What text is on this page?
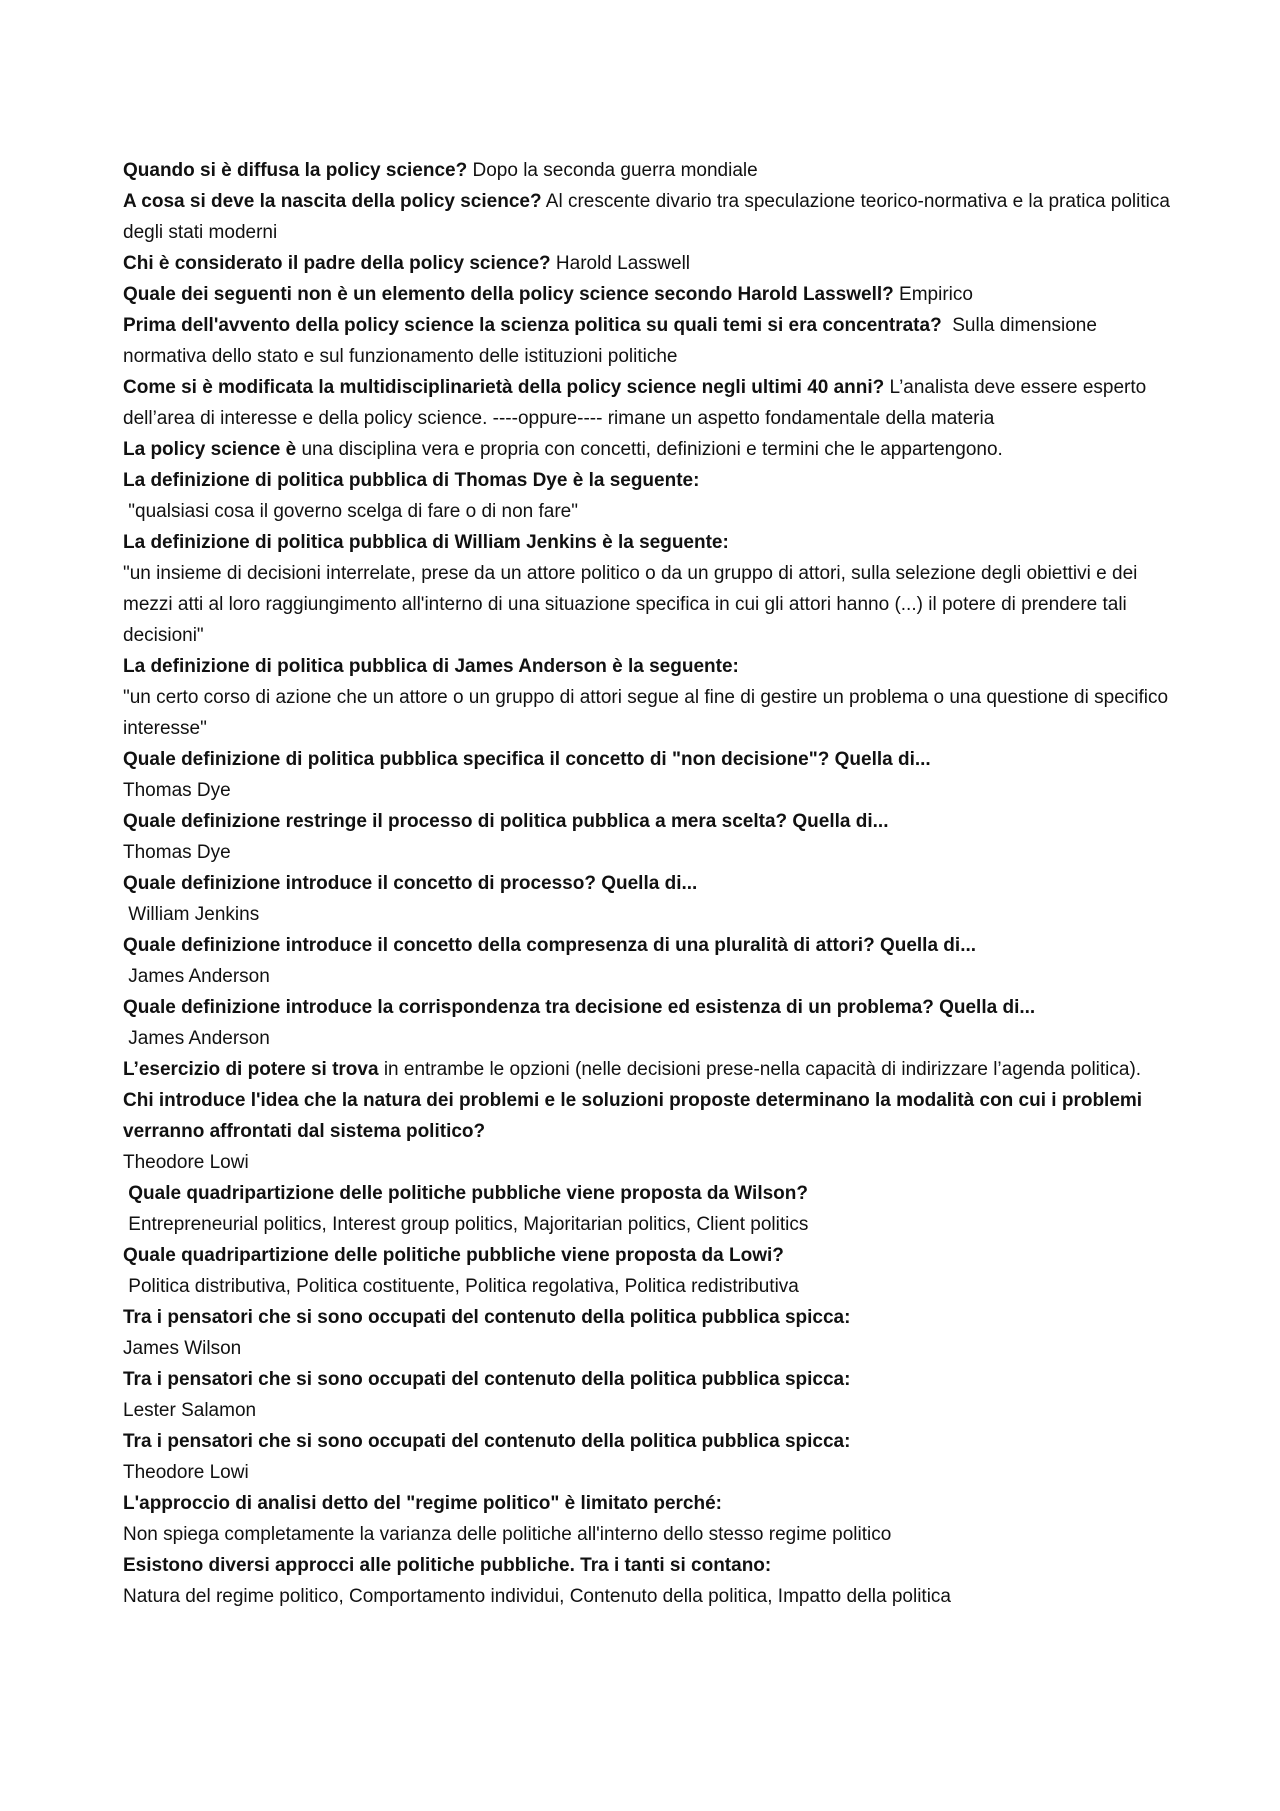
Quando si è diffusa la policy science? Dopo la seconda guerra mondiale

A cosa si deve la nascita della policy science? Al crescente divario tra speculazione teorico-normativa e la pratica politica degli stati moderni

Chi è considerato il padre della policy science? Harold Lasswell

Quale dei seguenti non è un elemento della policy science secondo Harold Lasswell? Empirico

Prima dell'avvento della policy science la scienza politica su quali temi si era concentrata?  Sulla dimensione normativa dello stato e sul funzionamento delle istituzioni politiche

Come si è modificata la multidisciplinarietà della policy science negli ultimi 40 anni? L’analista deve essere esperto dell’area di interesse e della policy science. ----oppure---- rimane un aspetto fondamentale della materia

La policy science è una disciplina vera e propria con concetti, definizioni e termini che le appartengono.

La definizione di politica pubblica di Thomas Dye è la seguente:

"qualsiasi cosa il governo scelga di fare o di non fare"

La definizione di politica pubblica di William Jenkins è la seguente:

"un insieme di decisioni interrelate, prese da un attore politico o da un gruppo di attori, sulla selezione degli obiettivi e dei mezzi atti al loro raggiungimento all'interno di una situazione specifica in cui gli attori hanno (...) il potere di prendere tali decisioni"

La definizione di politica pubblica di James Anderson è la seguente:

"un certo corso di azione che un attore o un gruppo di attori segue al fine di gestire un problema o una questione di specifico interesse"

Quale definizione di politica pubblica specifica il concetto di "non decisione"? Quella di...

Thomas Dye

Quale definizione restringe il processo di politica pubblica a mera scelta? Quella di...

Thomas Dye

Quale definizione introduce il concetto di processo? Quella di...

William Jenkins

Quale definizione introduce il concetto della compresenza di una pluralità di attori? Quella di...

James Anderson

Quale definizione introduce la corrispondenza tra decisione ed esistenza di un problema? Quella di...

James Anderson

L’esercizio di potere si trova in entrambe le opzioni (nelle decisioni prese-nella capacità di indirizzare l’agenda politica).

Chi introduce l'idea che la natura dei problemi e le soluzioni proposte determinano la modalità con cui i problemi verranno affrontati dal sistema politico?

Theodore Lowi

Quale quadripartizione delle politiche pubbliche viene proposta da Wilson?

Entrepreneurial politics, Interest group politics, Majoritarian politics, Client politics

Quale quadripartizione delle politiche pubbliche viene proposta da Lowi?

Politica distributiva, Politica costituente, Politica regolativa, Politica redistributiva

Tra i pensatori che si sono occupati del contenuto della politica pubblica spicca:

James Wilson

Tra i pensatori che si sono occupati del contenuto della politica pubblica spicca:

Lester Salamon

Tra i pensatori che si sono occupati del contenuto della politica pubblica spicca:

Theodore Lowi

L'approccio di analisi detto del "regime politico" è limitato perché:

Non spiega completamente la varianza delle politiche all'interno dello stesso regime politico

Esistono diversi approcci alle politiche pubbliche. Tra i tanti si contano:

Natura del regime politico, Comportamento individui, Contenuto della politica, Impatto della politica
